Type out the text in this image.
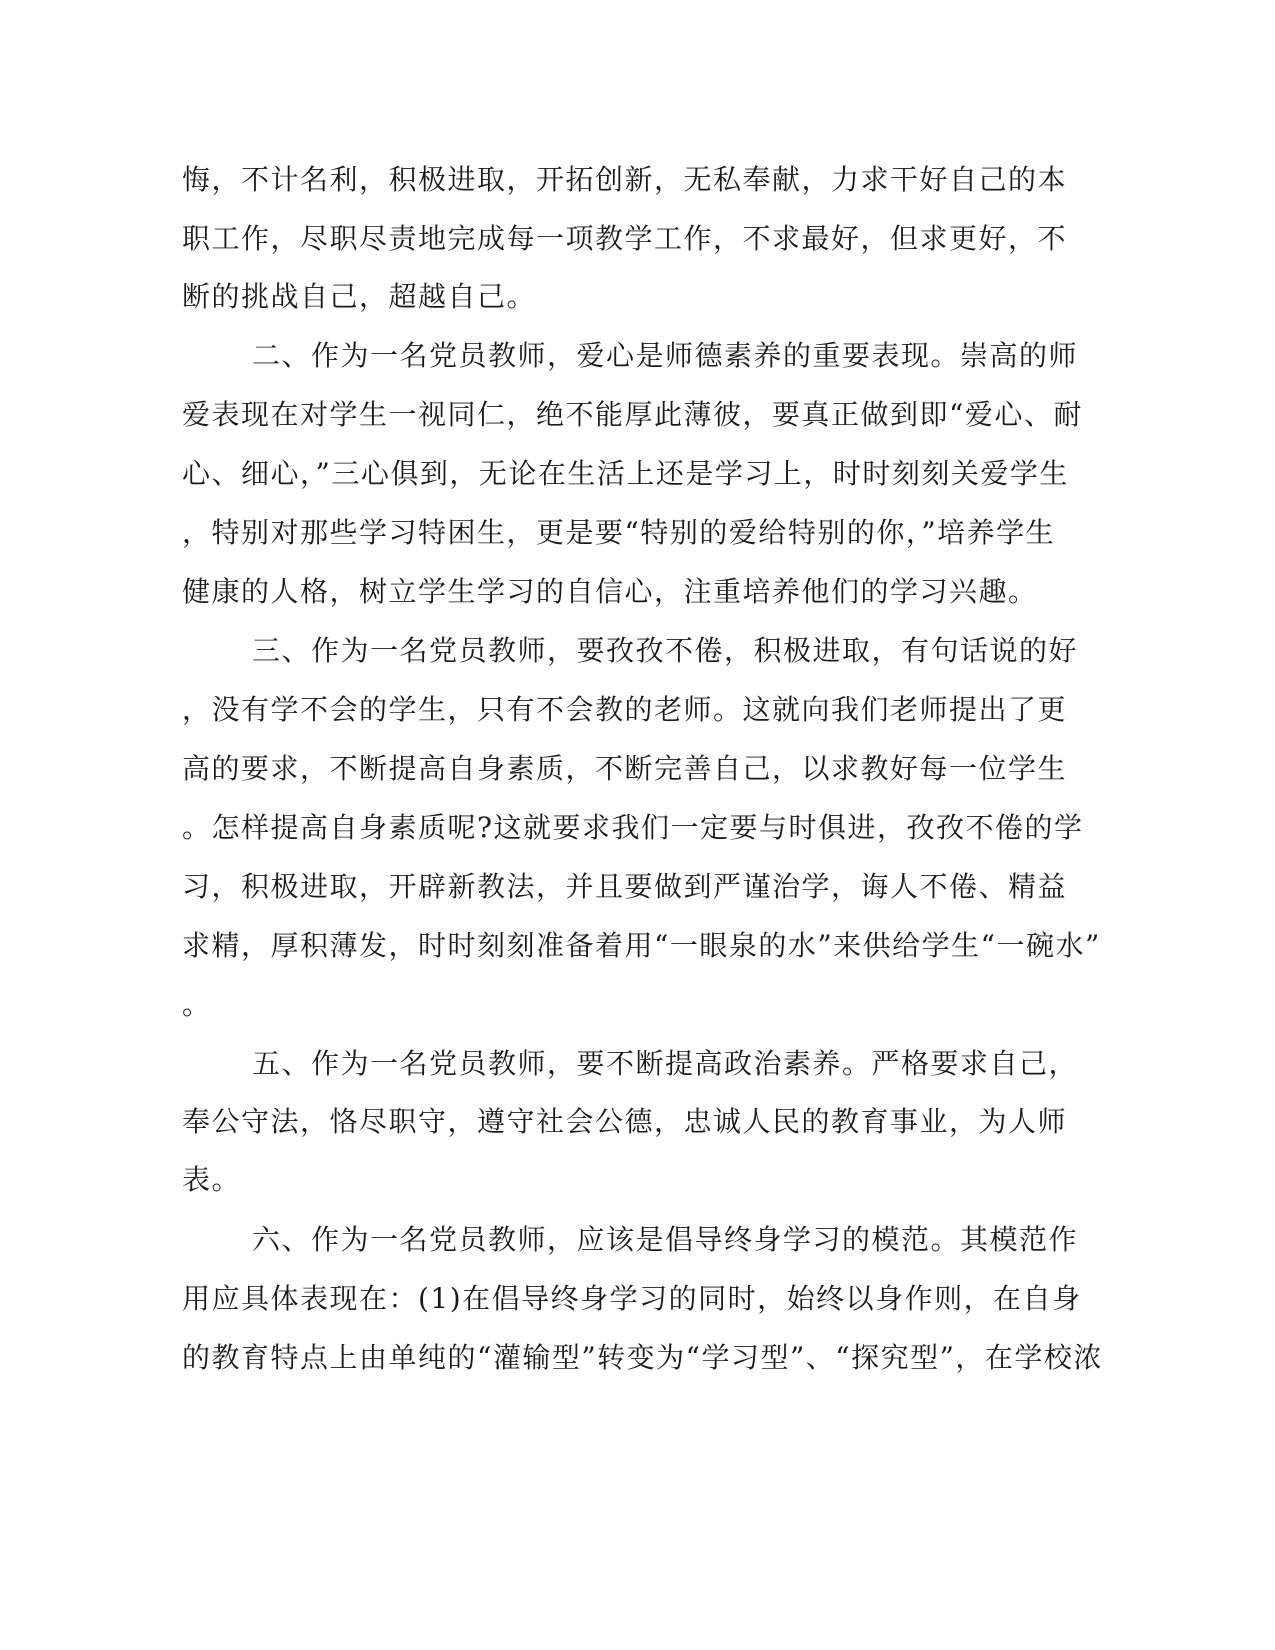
悔，不计名利，积极进取，开拓创新，无私奉献，力求干好自己的本
职工作，尽职尽责地完成每一项教学工作，不求最好，但求更好，不
断的挑战自己，超越自己。
二、作为一名党员教师，爱心是师德素养的重要表现。崇高的师
爱表现在对学生一视同仁，绝不能厚此薄彼，要真正做到即“爱心、耐
心、细心，”三心俱到，无论在生活上还是学习上，时时刻刻关爱学生
，特别对那些学习特困生，更是要“特别的爱给特别的你，”培养学生
健康的人格，树立学生学习的自信心，注重培养他们的学习兴趣。
三、作为一名党员教师，要孜孜不倦，积极进取，有句话说的好
，没有学不会的学生，只有不会教的老师。这就向我们老师提出了更
高的要求，不断提高自身素质，不断完善自己，以求教好每一位学生
。怎样提高自身素质呢?这就要求我们一定要与时俱进，孜孜不倦的学
习，积极进取，开辟新教法，并且要做到严谨治学，诲人不倦、精益
求精，厚积薄发，时时刻刻准备着用“一眼泉的水”来供给学生“一碗水”
。
五、作为一名党员教师，要不断提高政治素养。严格要求自己，
奉公守法，恪尽职守，遵守社会公德，忠诚人民的教育事业，为人师
表。
六、作为一名党员教师，应该是倡导终身学习的模范。其模范作
用应具体表现在：(1)在倡导终身学习的同时，始终以身作则，在自身
的教育特点上由单纯的“灌输型”转变为“学习型”、“探究型”，在学校浓
